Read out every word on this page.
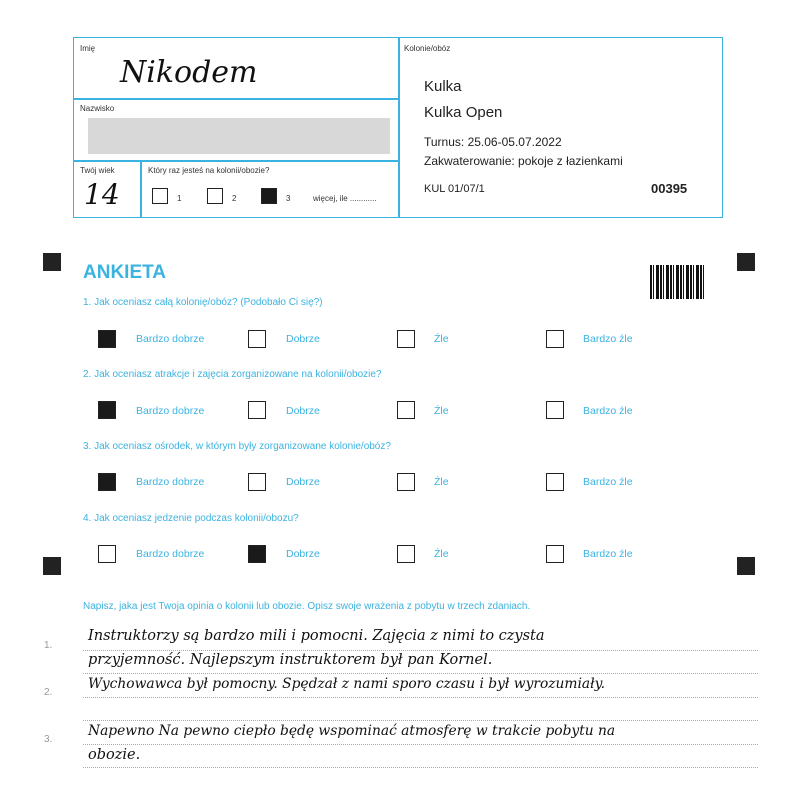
Imię
Nikodem
Nazwisko
Twój wiek
14
Który raz jesteś na kolonii/obozie?
1	2	3	więcej, ile ............
Kolonie/obóz
Kulka
Kulka Open
Turnus: 25.06-05.07.2022
Zakwaterowanie: pokoje z łazienkami
KUL 01/07/1	00395
ANKIETA
1. Jak oceniasz całą kolonię/obóz? (Podobało Ci się?)
Bardzo dobrze	Dobrze	Źle	Bardzo źle
2. Jak oceniasz atrakcje i zajęcia zorganizowane na kolonii/obozie?
Bardzo dobrze	Dobrze	Źle	Bardzo źle
3. Jak oceniasz ośrodek, w którym były zorganizowane kolonie/obóz?
Bardzo dobrze	Dobrze	Źle	Bardzo źle
4. Jak oceniasz jedzenie podczas kolonii/obozu?
Bardzo dobrze	Dobrze	Źle	Bardzo źle
Napisz, jaka jest Twoja opinia o kolonii lub obozie. Opisz swoje wrażenia z pobytu w trzech zdaniach.
1.
2.
3.
Instruktorzy są bardzo mili i pomocni. Zajęcia z nimi to czysta
przyjemność. Najlepszym instruktorem był pan Kornel.
Wychowawca był pomocny. Spędzał z nami sporo czasu i był wyrozumiały.
Napewno Na pewno ciepło będę wspominać atmosferę w trakcie pobytu na
obozie.
